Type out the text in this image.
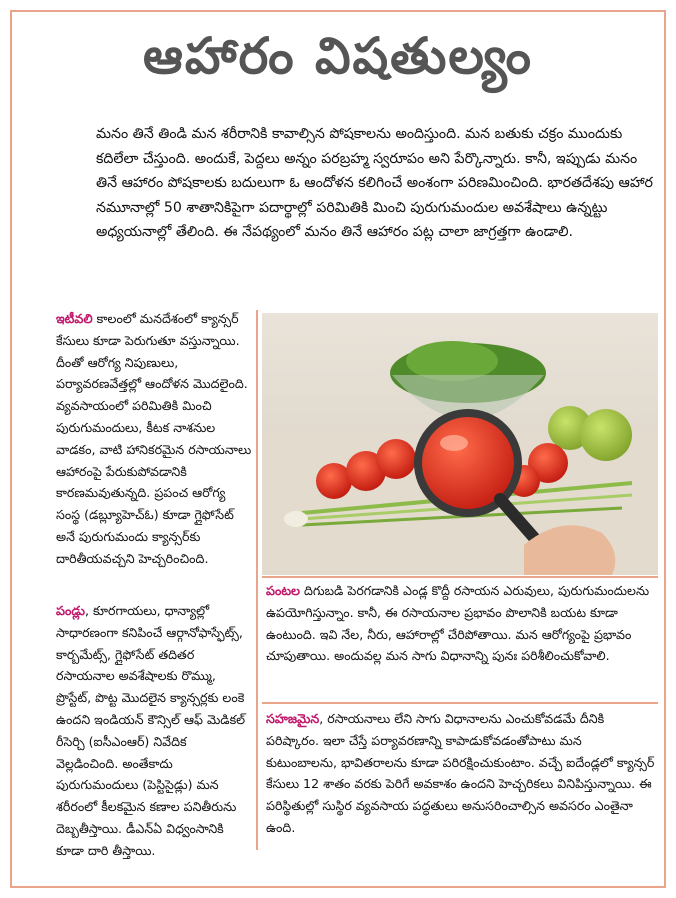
ఆహారం విషతుల్యం
మనం తినే తిండి మన శరీరానికి కావాల్సిన పోషకాలను అందిస్తుంది. మన బతుకు చక్రం ముందుకు కదిలేలా చేస్తుంది. అందుకే, పెద్దలు అన్నం పరబ్రహ్మ స్వరూపం అని పేర్కొన్నారు. కానీ, ఇప్పుడు మనం తినే ఆహారం పోషకాలకు బదులుగా ఓ ఆందోళన కలిగించే అంశంగా పరిణమించింది. భారతదేశపు ఆహార నమూనాల్లో 50 శాతానికిపైగా పదార్థాల్లో పరిమితికి మించి పురుగుమందుల అవశేషాలు ఉన్నట్టు అధ్యయనాల్లో తేలింది. ఈ నేపథ్యంలో మనం తినే ఆహారం పట్ల చాలా జాగ్రత్తగా ఉండాలి.
ఇటీవలి కాలంలో మనదేశంలో క్యాన్సర్ కేసులు కూడా పెరుగుతూ వస్తున్నాయి. దీంతో ఆరోగ్య నిపుణులు, పర్యావరణవేత్తల్లో ఆందోళన మొదలైంది. వ్యవసాయంలో పరిమితికి మించి పురుగుమందులు, కీటక నాశనుల వాడకం, వాటి హానికరమైన రసాయనాలు ఆహారంపై పేరుకుపోవడానికి కారణమవుతున్నది. ప్రపంచ ఆరోగ్య సంస్థ (డబ్ల్యూహెచ్ఓ) కూడా గ్లైఫోసేట్ అనే పురుగుమందు క్యాన్సర్‌కు దారితీయవచ్చని హెచ్చరించింది.
పండ్లు, కూరగాయలు, ధాన్యాల్లో సాధారణంగా కనిపించే ఆర్గానోఫాస్ఫేట్స్, కార్బమేట్స్, గ్లైఫోసేట్ తదితర రసాయనాల అవశేషాలకు రొమ్ము, ప్రొస్టేట్, పొట్ట మొదలైన క్యాన్సర్లకు లంకె ఉందని ఇండియన్ కౌన్సిల్ ఆఫ్ మెడికల్ రీసెర్చి (ఐసీఎంఆర్) నివేదిక వెల్లడించింది. అంతేకాదు పురుగుమందులు (పెస్టిసైడ్లు) మన శరీరంలో కీలకమైన కణాల పనితీరును దెబ్బతీస్తాయి. డీఎన్ఏ విధ్వంసానికి కూడా దారి తీస్తాయి.
పంటల దిగుబడి పెరగడానికి ఎండ్ల కొద్దీ రసాయన ఎరువులు, పురుగుమందులను ఉపయోగిస్తున్నాం. కానీ, ఈ రసాయనాల ప్రభావం పొలానికి బయట కూడా ఉంటుంది. ఇవి నేల, నీరు, ఆహారాల్లో చేరిపోతాయి. మన ఆరోగ్యంపై ప్రభావం చూపుతాయి. అందువల్ల మన సాగు విధానాన్ని పునః పరిశీలించుకోవాలి.
సహజమైన, రసాయనాలు లేని సాగు విధానాలను ఎంచుకోవడమే దీనికి పరిష్కారం. ఇలా చేస్తే పర్యావరణాన్ని కాపాడుకోవడంతోపాటు మన కుటుంబాలను, భావితరాలను కూడా పరిరక్షించుకుంటాం. వచ్చే ఐదేండ్లలో క్యాన్సర్ కేసులు 12 శాతం వరకు పెరిగే అవకాశం ఉందని హెచ్చరికలు వినిపిస్తున్నాయి. ఈ పరిస్థితుల్లో సుస్థిర వ్యవసాయ పద్ధతులు అనుసరించాల్సిన అవసరం ఎంతైనా ఉంది.
